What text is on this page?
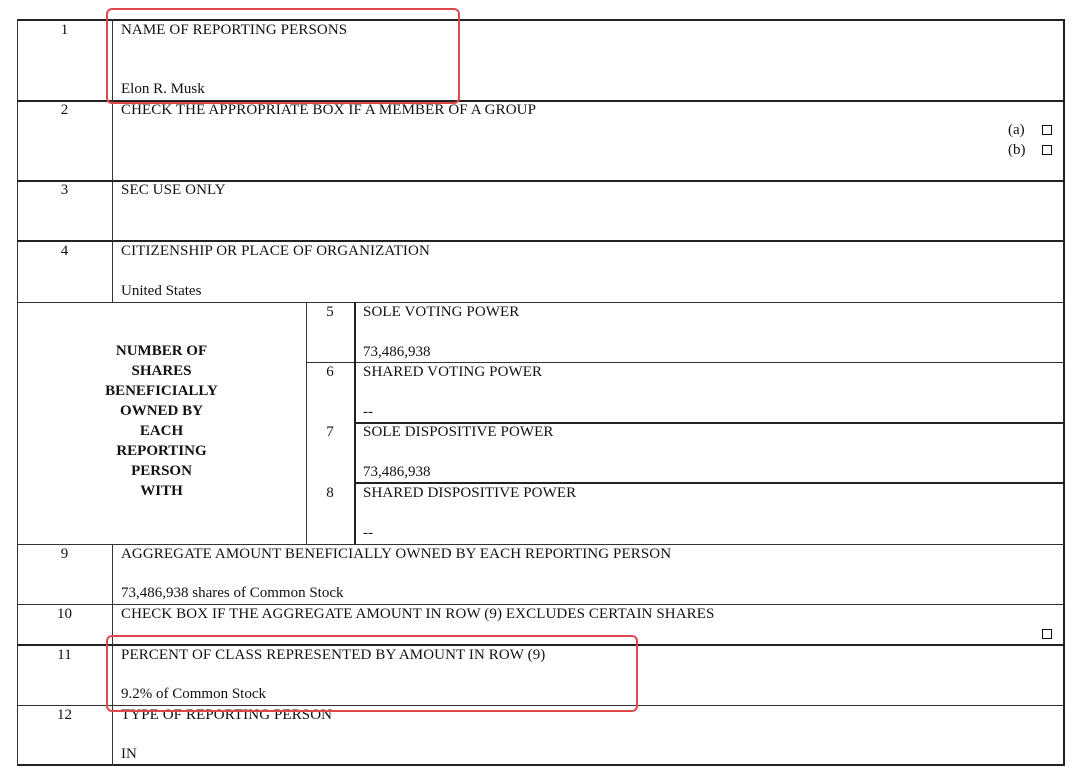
1	NAME OF REPORTING PERSONS
Elon R. Musk
2	CHECK THE APPROPRIATE BOX IF A MEMBER OF A GROUP
(a)
(b)
3	SEC USE ONLY
4	CITIZENSHIP OR PLACE OF ORGANIZATION
United States
NUMBER OF
SHARES
BENEFICIALLY
OWNED BY
EACH
REPORTING
PERSON
WITH
5	SOLE VOTING POWER
73,486,938
6	SHARED VOTING POWER
--
7	SOLE DISPOSITIVE POWER
73,486,938
8	SHARED DISPOSITIVE POWER
--
9	AGGREGATE AMOUNT BENEFICIALLY OWNED BY EACH REPORTING PERSON
73,486,938 shares of Common Stock
10	CHECK BOX IF THE AGGREGATE AMOUNT IN ROW (9) EXCLUDES CERTAIN SHARES
11	PERCENT OF CLASS REPRESENTED BY AMOUNT IN ROW (9)
9.2% of Common Stock
12	TYPE OF REPORTING PERSON
IN
